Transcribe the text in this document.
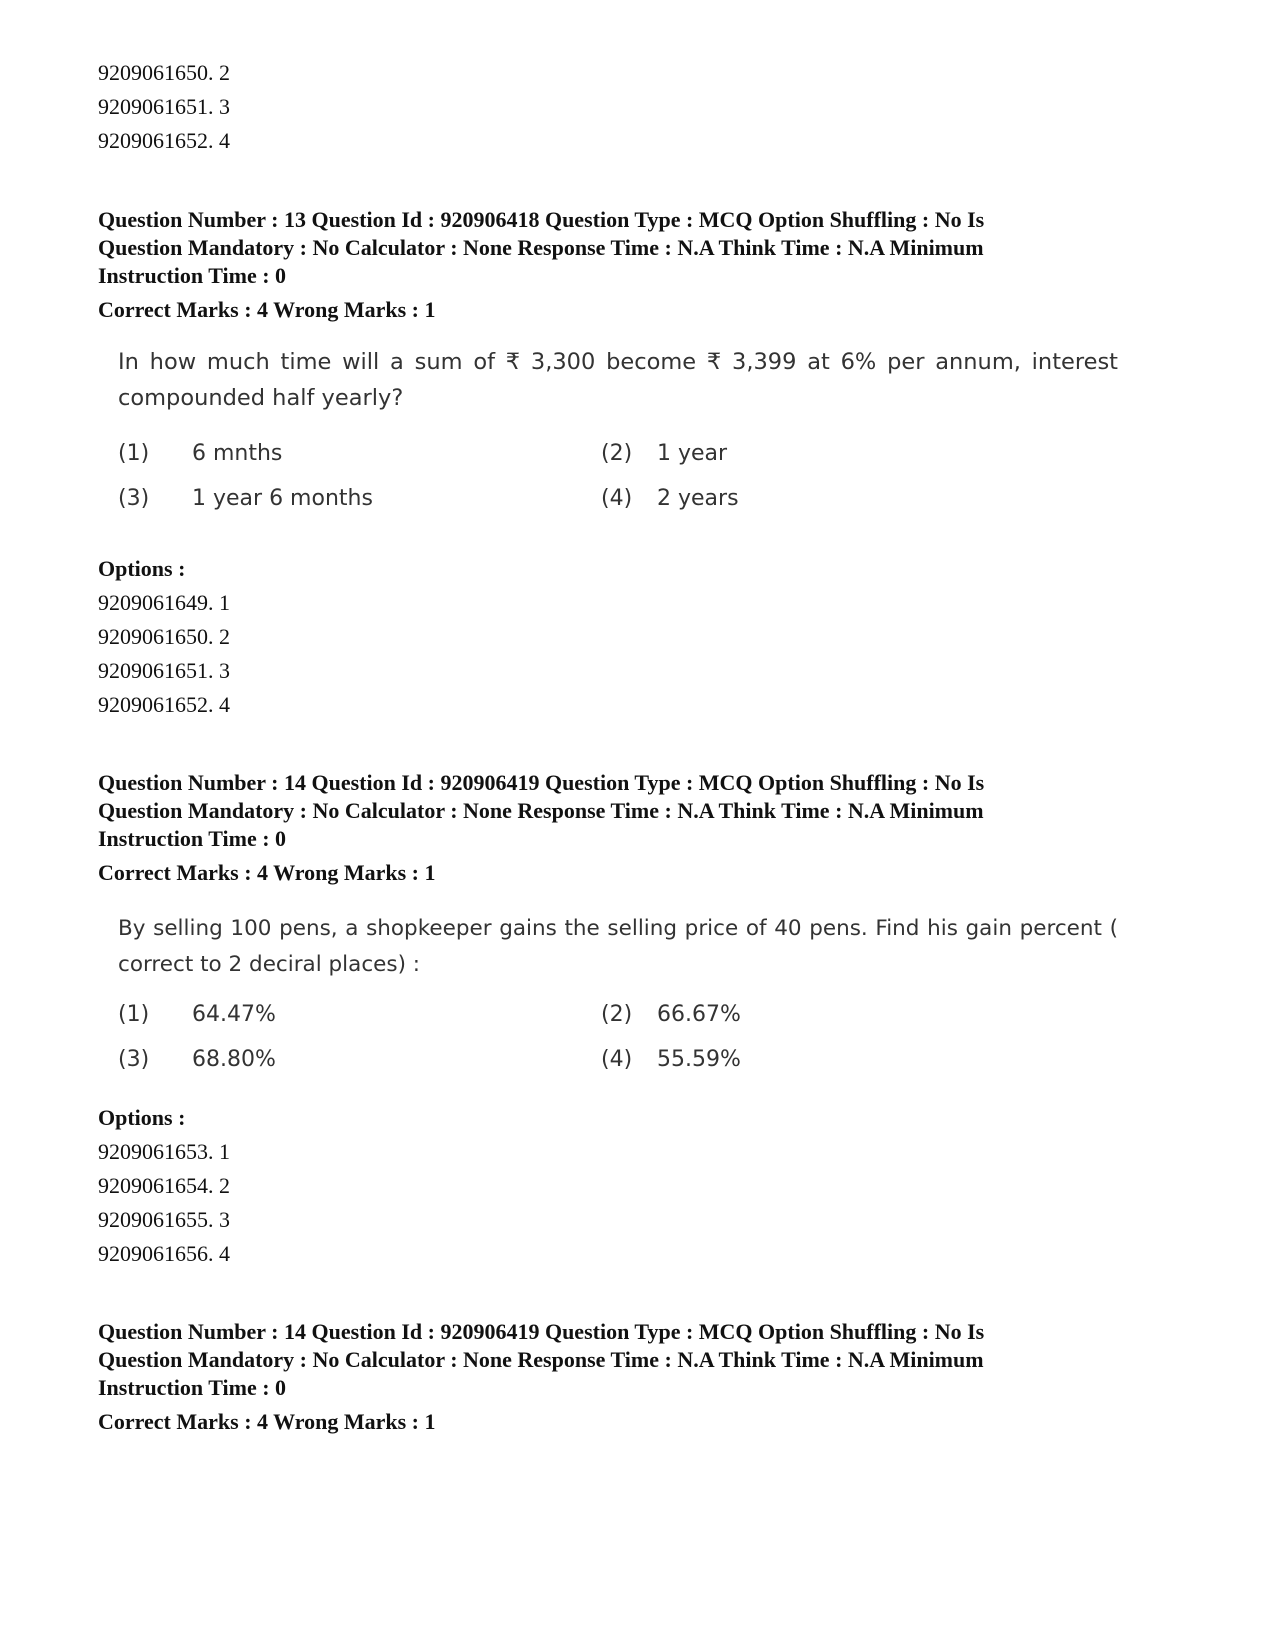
9209061650. 2
9209061651. 3
9209061652. 4
Question Number : 13 Question Id : 920906418 Question Type : MCQ Option Shuffling : No Is
Question Mandatory : No Calculator : None Response Time : N.A Think Time : N.A Minimum
Instruction Time : 0
Correct Marks : 4 Wrong Marks : 1
In how much time will a sum of ₹ 3,300 become ₹ 3,399 at 6% per annum, interest compounded half yearly?
(1) 6 mnths	(2) 1 year
(3) 1 year 6 months	(4) 2 years
Options :
9209061649. 1
9209061650. 2
9209061651. 3
9209061652. 4
Question Number : 14 Question Id : 920906419 Question Type : MCQ Option Shuffling : No Is
Question Mandatory : No Calculator : None Response Time : N.A Think Time : N.A Minimum
Instruction Time : 0
Correct Marks : 4 Wrong Marks : 1
By selling 100 pens, a shopkeeper gains the selling price of 40 pens. Find his gain percent ( correct to 2 deciral places) :
(1) 64.47%	(2) 66.67%
(3) 68.80%	(4) 55.59%
Options :
9209061653. 1
9209061654. 2
9209061655. 3
9209061656. 4
Question Number : 14 Question Id : 920906419 Question Type : MCQ Option Shuffling : No Is
Question Mandatory : No Calculator : None Response Time : N.A Think Time : N.A Minimum
Instruction Time : 0
Correct Marks : 4 Wrong Marks : 1
